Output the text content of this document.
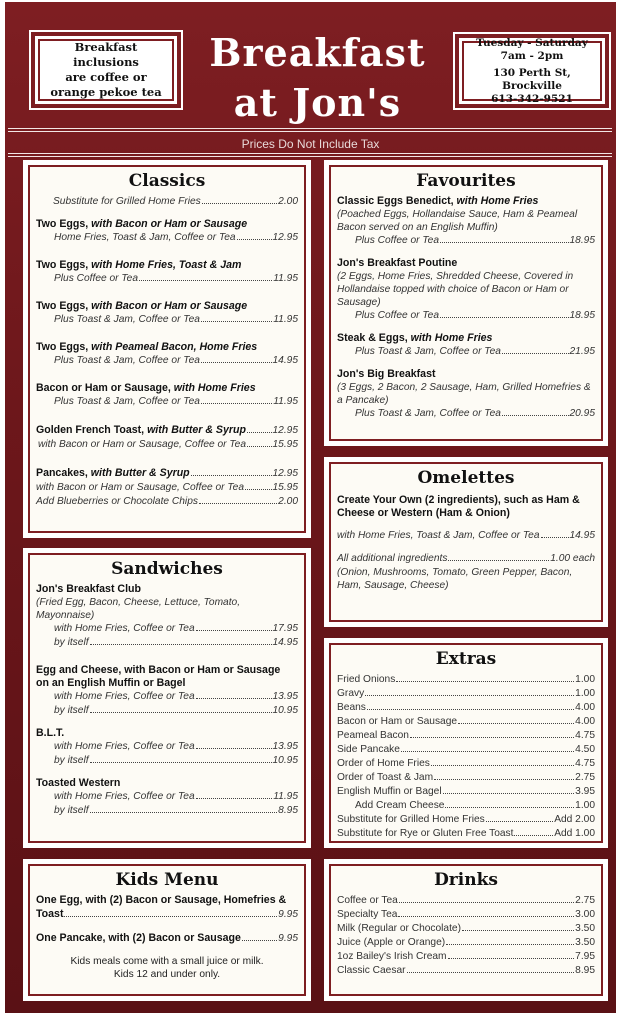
Breakfast inclusions
are coffee or
orange pekoe tea
Breakfast
at Jon's
Tuesday - Saturday
7am - 2pm
130 Perth St, Brockville
613-342-9521
Prices Do Not Include Tax
Classics
Substitute for Grilled Home Fries	2.00
Two Eggs, with Bacon or Ham or Sausage
Home Fries, Toast & Jam, Coffee or Tea	12.95
Two Eggs, with Home Fries, Toast & Jam
Plus Coffee or Tea	11.95
Two Eggs, with Bacon or Ham or Sausage
Plus Toast & Jam, Coffee or Tea	11.95
Two Eggs, with Peameal Bacon, Home Fries
Plus Toast & Jam, Coffee or Tea	14.95
Bacon or Ham or Sausage, with Home Fries
Plus Toast & Jam, Coffee or Tea	11.95
Golden French Toast, with Butter & Syrup	12.95
with Bacon or Ham or Sausage, Coffee or Tea	15.95
Pancakes, with Butter & Syrup	12.95
with Bacon or Ham or Sausage, Coffee or Tea	15.95
Add Blueberries or Chocolate Chips	2.00
Favourites
Classic Eggs Benedict, with Home Fries
(Poached Eggs, Hollandaise Sauce, Ham & Peameal Bacon served on an English Muffin)
Plus Coffee or Tea	18.95
Jon's Breakfast Poutine
(2 Eggs, Home Fries, Shredded Cheese, Covered in Hollandaise topped with choice of Bacon or Ham or Sausage)
Plus Coffee or Tea	18.95
Steak & Eggs, with Home Fries
Plus Toast & Jam, Coffee or Tea	21.95
Jon's Big Breakfast
(3 Eggs, 2 Bacon, 2 Sausage, Ham, Grilled Homefries & a Pancake)
Plus Toast & Jam, Coffee or Tea	20.95
Omelettes
Create Your Own (2 ingredients), such as Ham & Cheese or Western (Ham & Onion)
with Home Fries, Toast & Jam, Coffee or Tea	14.95
All additional ingredients	1.00 each
(Onion, Mushrooms, Tomato, Green Pepper, Bacon, Ham, Sausage, Cheese)
Sandwiches
Jon's Breakfast Club
(Fried Egg, Bacon, Cheese, Lettuce, Tomato, Mayonnaise)
with Home Fries, Coffee or Tea	17.95
by itself	14.95
Egg and Cheese, with Bacon or Ham or Sausage
on an English Muffin or Bagel
with Home Fries, Coffee or Tea	13.95
by itself	10.95
B.L.T.
with Home Fries, Coffee or Tea	13.95
by itself	10.95
Toasted Western
with Home Fries, Coffee or Tea	11.95
by itself	8.95
Extras
Fried Onions	1.00
Gravy	1.00
Beans	4.00
Bacon or Ham or Sausage	4.00
Peameal Bacon	4.75
Side Pancake	4.50
Order of Home Fries	4.75
Order of Toast & Jam	2.75
English Muffin or Bagel	3.95
Add Cream Cheese	1.00
Substitute for Grilled Home Fries	Add 2.00
Substitute for Rye or Gluten Free Toast	Add 1.00
Kids Menu
One Egg, with (2) Bacon or Sausage, Homefries &
Toast	9.95
One Pancake, with (2) Bacon or Sausage	9.95
Kids meals come with a small juice or milk.
Kids 12 and under only.
Drinks
Coffee or Tea	2.75
Specialty Tea	3.00
Milk (Regular or Chocolate)	3.50
Juice (Apple or Orange)	3.50
1oz Bailey's Irish Cream	7.95
Classic Caesar	8.95
